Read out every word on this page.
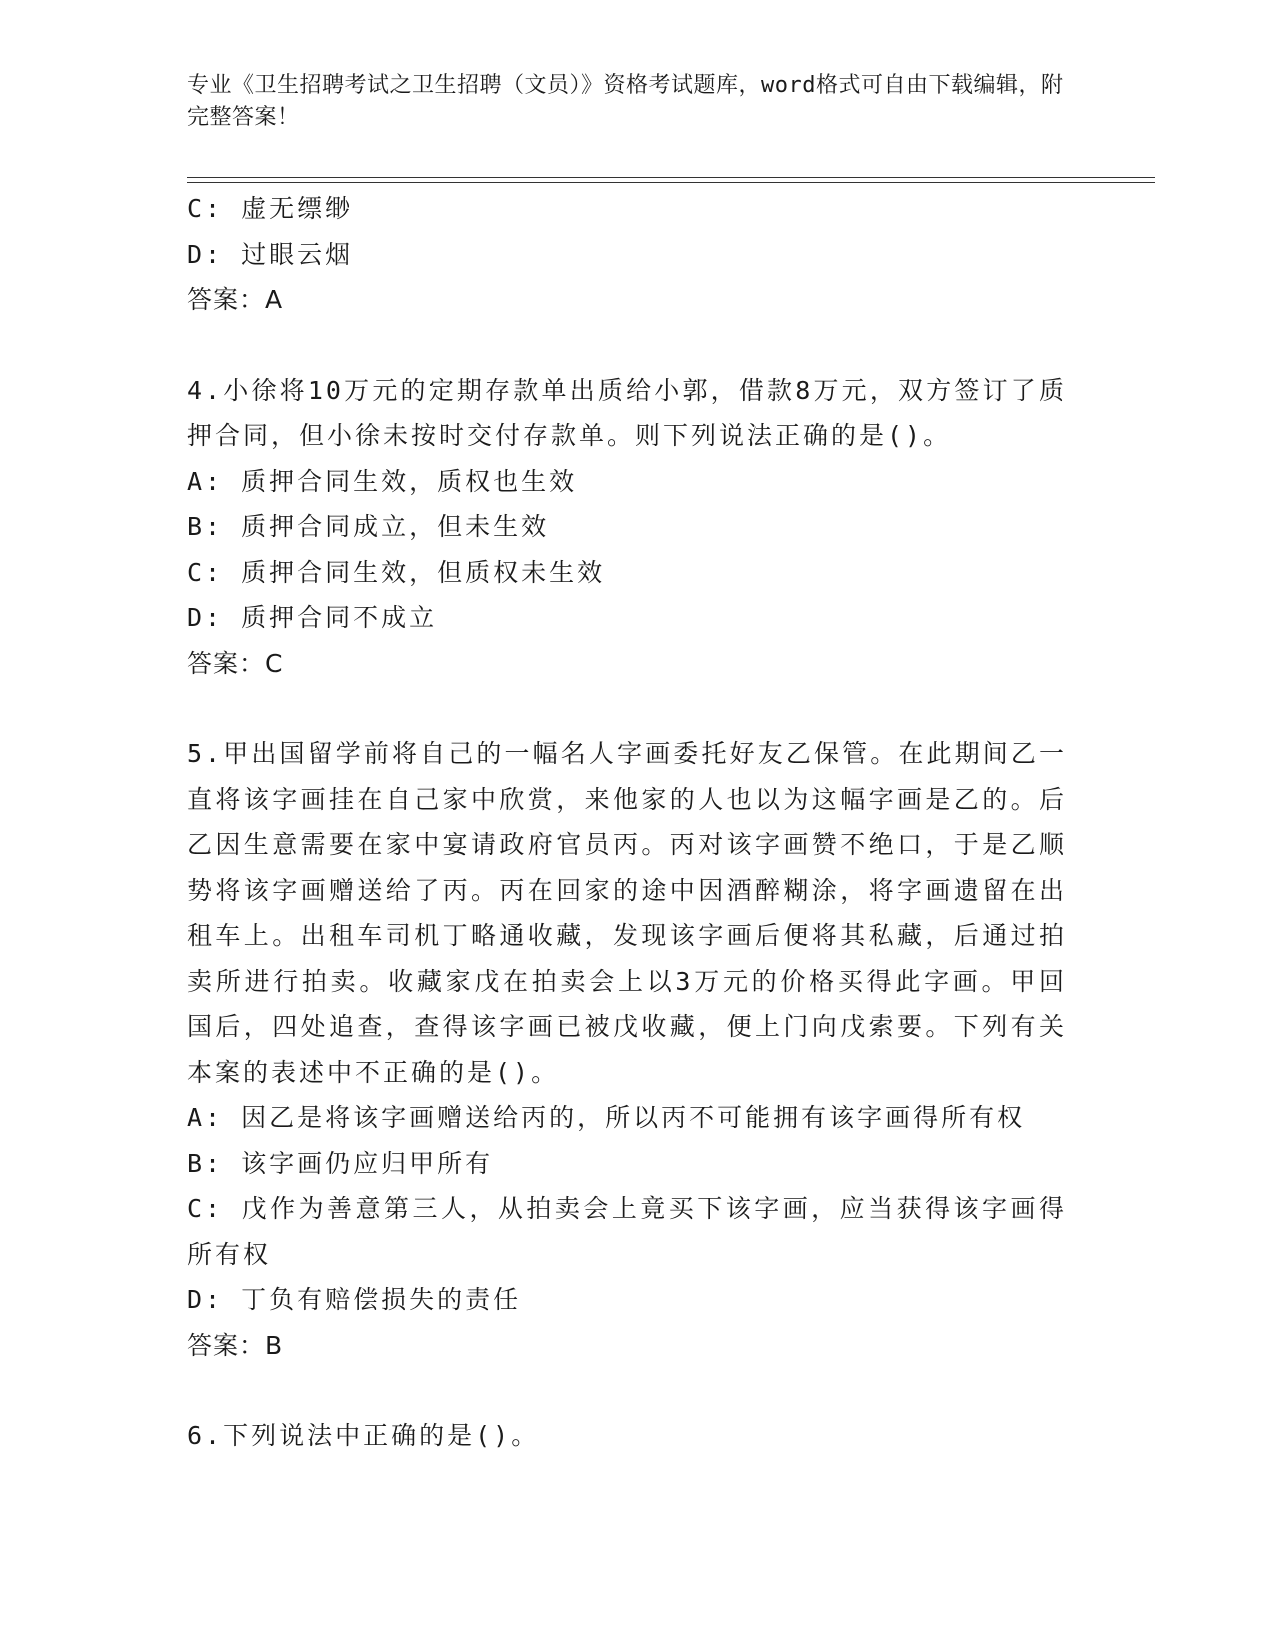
专业《卫生招聘考试之卫生招聘（文员）》资格考试题库，word格式可自由下载编辑，附完整答案！

C: 虚无缥缈

D: 过眼云烟

答案：A

4.小徐将10万元的定期存款单出质给小郭，借款8万元，双方签订了质押合同，但小徐未按时交付存款单。则下列说法正确的是()。

A: 质押合同生效，质权也生效

B: 质押合同成立，但未生效

C: 质押合同生效，但质权未生效

D: 质押合同不成立

答案：C

5.甲出国留学前将自己的一幅名人字画委托好友乙保管。在此期间乙一直将该字画挂在自己家中欣赏，来他家的人也以为这幅字画是乙的。后乙因生意需要在家中宴请政府官员丙。丙对该字画赞不绝口，于是乙顺势将该字画赠送给了丙。丙在回家的途中因酒醉糊涂，将字画遗留在出租车上。出租车司机丁略通收藏，发现该字画后便将其私藏，后通过拍卖所进行拍卖。收藏家戊在拍卖会上以3万元的价格买得此字画。甲回国后，四处追查，查得该字画已被戊收藏，便上门向戊索要。下列有关本案的表述中不正确的是()。

A: 因乙是将该字画赠送给丙的，所以丙不可能拥有该字画得所有权

B: 该字画仍应归甲所有

C: 戊作为善意第三人，从拍卖会上竟买下该字画，应当获得该字画得所有权

D: 丁负有赔偿损失的责任

答案：B

6.下列说法中正确的是()。
